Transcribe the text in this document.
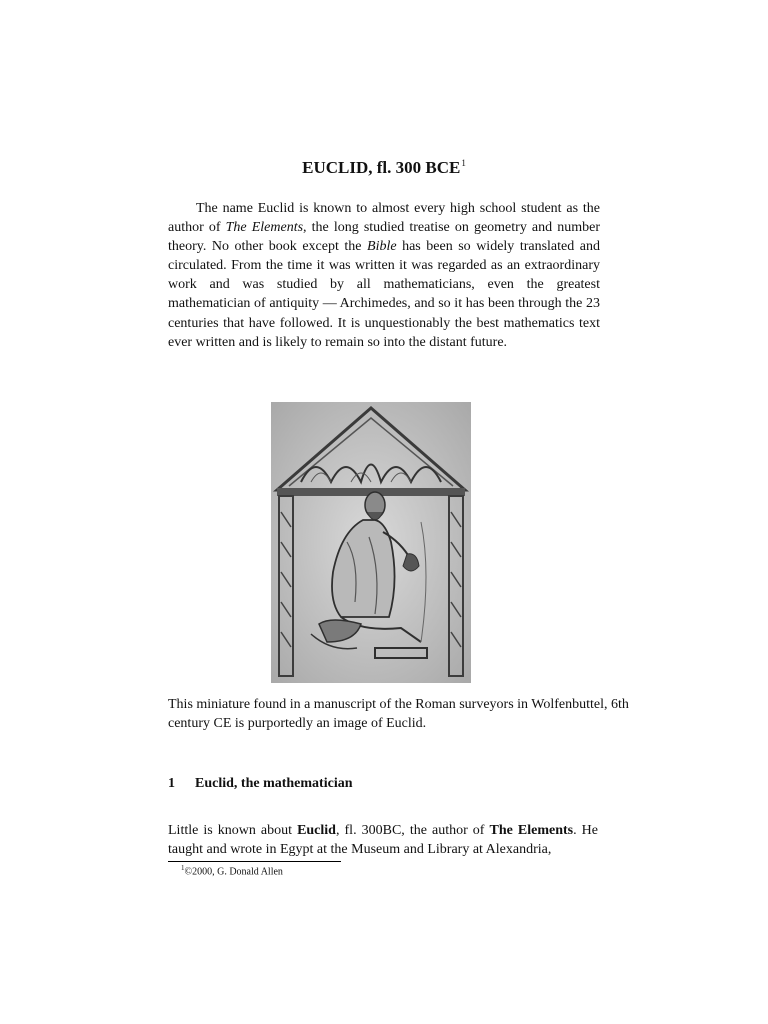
EUCLID, fl. 300 BCE$^1$

The name Euclid is known to almost every high school student as the author of The Elements, the long studied treatise on geometry and number theory. No other book except the Bible has been so widely translated and circulated. From the time it was written it was regarded as an extraordinary work and was studied by all mathematicians, even the greatest mathematician of antiquity — Archimedes, and so it has been through the 23 centuries that have followed. It is unquestionably the best mathematics text ever written and is likely to remain so into the distant future.

This miniature found in a manuscript of the Roman surveyors in Wolfenbuttel, 6th century CE is purportedly an image of Euclid.

1 Euclid, the mathematician

Little is known about Euclid, fl. 300BC, the author of The Elements. He taught and wrote in Egypt at the Museum and Library at Alexandria,

$^1$©2000, G. Donald Allen
